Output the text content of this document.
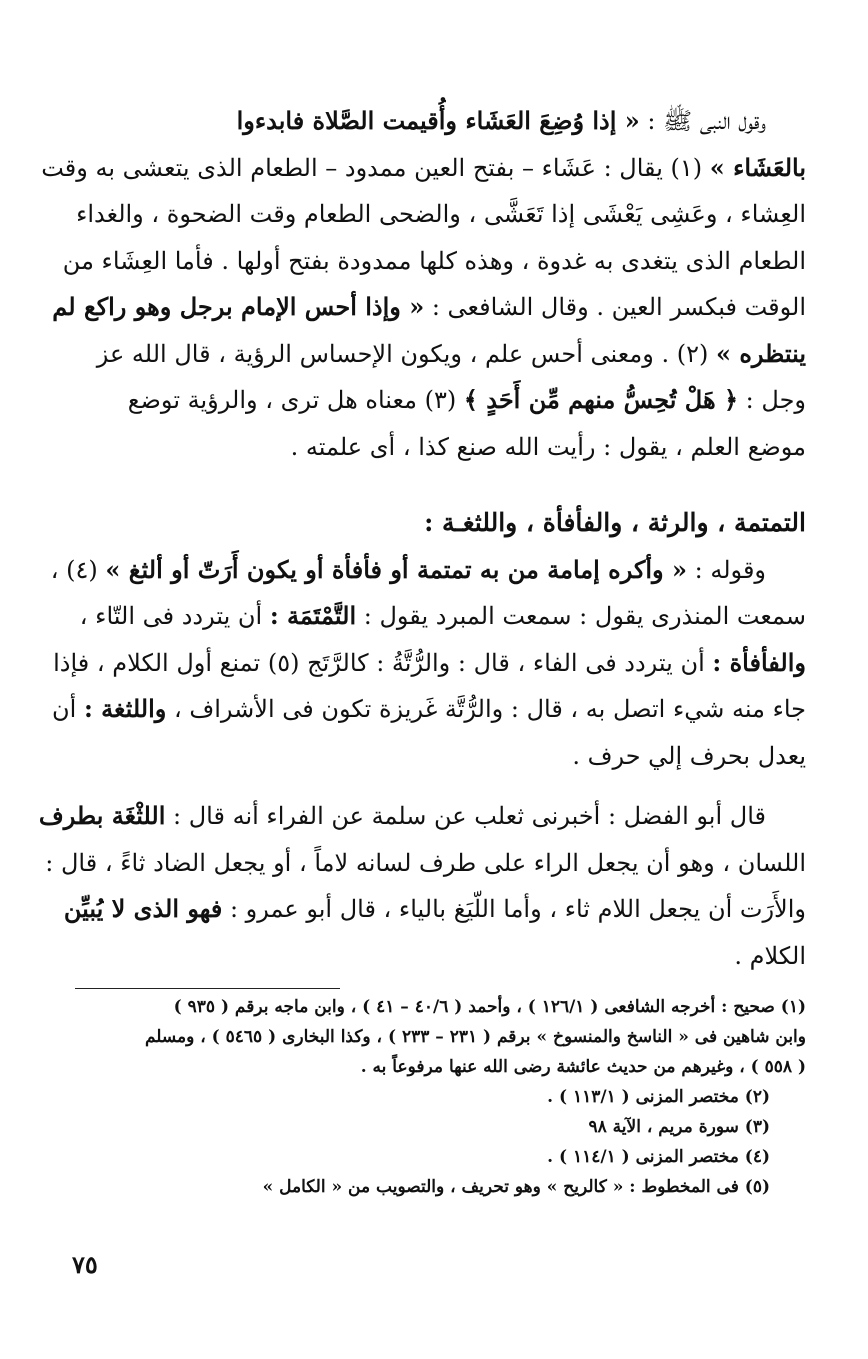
وقول النبى ﷺ : « إذا وُضِعَ العَشَاء وأُقيمت الصَّلاة فابدءوا
بالعَشَاء » (١) يقال : عَشَاء – بفتح العين ممدود – الطعام الذى يتعشى به وقت
العِشاء ، وعَشِى يَعْشَى إذا تَعَشَّى ، والضحى الطعام وقت الضحوة ، والغداء
الطعام الذى يتغدى به غدوة ، وهذه كلها ممدودة بفتح أولها . فأما العِشَاء من
الوقت فبكسر العين . وقال الشافعى : « وإذا أحس الإمام برجل وهو راكع لم
ينتظره » (٢) . ومعنى أحس علم ، ويكون الإحساس الرؤية ، قال الله عز
وجل : ﴿ هَلْ تُحِسُّ منهم مِّن أَحَدٍ ﴾ (٣) معناه هل ترى ، والرؤية توضع
موضع العلم ، يقول : رأيت الله صنع كذا ، أى علمته .
التمتمة ، والرثة ، والفأفأة ، واللثغـة :
وقوله : « وأكره إمامة من به تمتمة أو فأفأة أو يكون أَرَتّ أو ألثغ » (٤) ،
سمعت المنذرى يقول : سمعت المبرد يقول : التَّمْتَمَة : أن يتردد فى التّاء ،
والفأفأة : أن يتردد فى الفاء ، قال : والرُّتَّةُ : كالرَّتَج (٥) تمنع أول الكلام ، فإذا
جاء منه شيء اتصل به ، قال : والرُّتَّة غَريزة تكون فى الأشراف ، واللثغة : أن
يعدل بحرف إلي حرف .
قال أبو الفضل : أخبرنى ثعلب عن سلمة عن الفراء أنه قال : اللثْغَة بطرف
اللسان ، وهو أن يجعل الراء على طرف لسانه لاماً ، أو يجعل الضاد ثاءً ، قال :
والأَرَت أن يجعل اللام ثاء ، وأما اللّيَغ بالياء ، قال أبو عمرو : فهو الذى لا يُبيِّن
الكلام .
(١) صحيح : أخرجه الشافعى ( ١٢٦/١ ) ، وأحمد ( ٤٠/٦ – ٤١ ) ، وابن ماجه برقم ( ٩٣٥ )
وابن شاهين فى « الناسخ والمنسوخ » برقم ( ٢٣١ – ٢٣٣ ) ، وكذا البخارى ( ٥٤٦٥ ) ، ومسلم
( ٥٥٨ ) ، وغيرهم من حديث عائشة رضى الله عنها مرفوعاً به .
(٢) مختصر المزنى ( ١١٣/١ ) .
(٣) سورة مريم ، الآية ٩٨
(٤) مختصر المزنى ( ١١٤/١ ) .
(٥) فى المخطوط : « كالريح » وهو تحريف ، والتصويب من « الكامل »
٧٥
